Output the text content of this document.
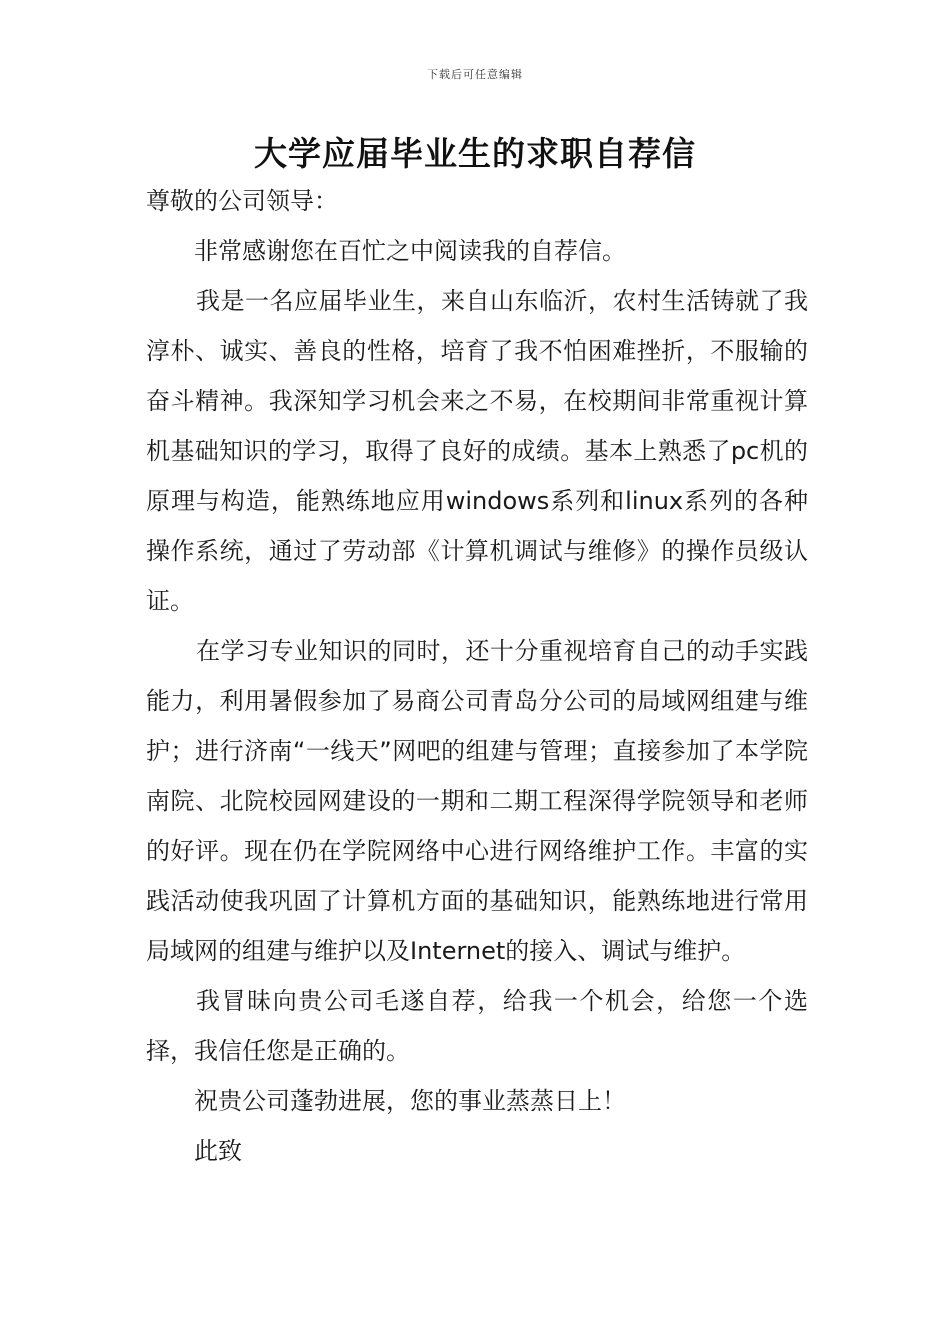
下载后可任意编辑
大学应届毕业生的求职自荐信

尊敬的公司领导：

非常感谢您在百忙之中阅读我的自荐信。

我是一名应届毕业生，来自山东临沂，农村生活铸就了我淳朴、诚实、善良的性格，培育了我不怕困难挫折，不服输的奋斗精神。我深知学习机会来之不易，在校期间非常重视计算机基础知识的学习，取得了良好的成绩。基本上熟悉了pc机的原理与构造，能熟练地应用windows系列和linux系列的各种操作系统，通过了劳动部《计算机调试与维修》的操作员级认证。

在学习专业知识的同时，还十分重视培育自己的动手实践能力，利用暑假参加了易商公司青岛分公司的局域网组建与维护；进行济南“一线天”网吧的组建与管理；直接参加了本学院南院、北院校园网建设的一期和二期工程深得学院领导和老师的好评。现在仍在学院网络中心进行网络维护工作。丰富的实践活动使我巩固了计算机方面的基础知识，能熟练地进行常用局域网的组建与维护以及Internet的接入、调试与维护。

我冒昧向贵公司毛遂自荐，给我一个机会，给您一个选择，我信任您是正确的。

祝贵公司蓬勃进展，您的事业蒸蒸日上！

此致
